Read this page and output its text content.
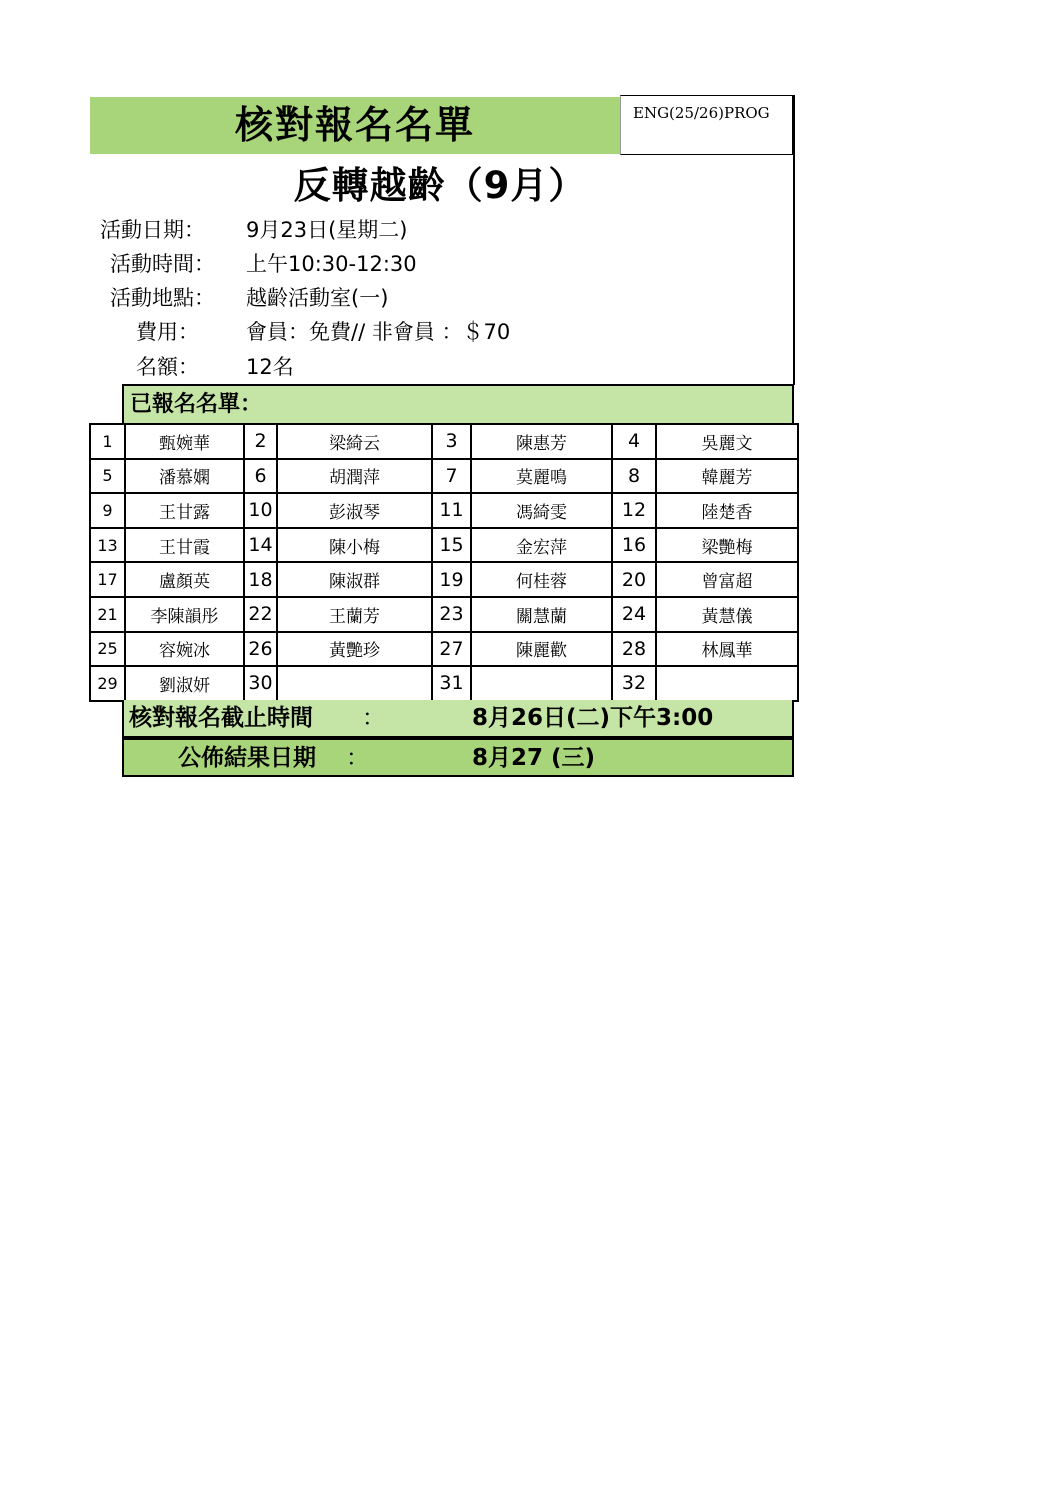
核對報名名單	ENG(25/26)PROG
反轉越齡（9月）
活動日期：	9月23日(星期二)
活動時間：	上午10:30-12:30
活動地點：	越齡活動室(一)
費用：	會員：免費// 非會員 ：＄70
名額：	12名
已報名名單：
1	甄婉華	2	梁綺云	3	陳惠芳	4	吳麗文
5	潘慕嫻	6	胡潤萍	7	莫麗鳴	8	韓麗芳
9	王甘露	10	彭淑琴	11	馮綺雯	12	陸楚香
13	王甘霞	14	陳小梅	15	金宏萍	16	梁艷梅
17	盧顏英	18	陳淑群	19	何桂蓉	20	曾富超
21	李陳韻彤	22	王蘭芳	23	關慧蘭	24	黃慧儀
25	容婉冰	26	黃艷珍	27	陳麗歡	28	林鳳華
29	劉淑妍	30		31		32	
核對報名截止時間 ：	8月26日(二)下午3:00
公佈結果日期 ：	8月27 (三)
